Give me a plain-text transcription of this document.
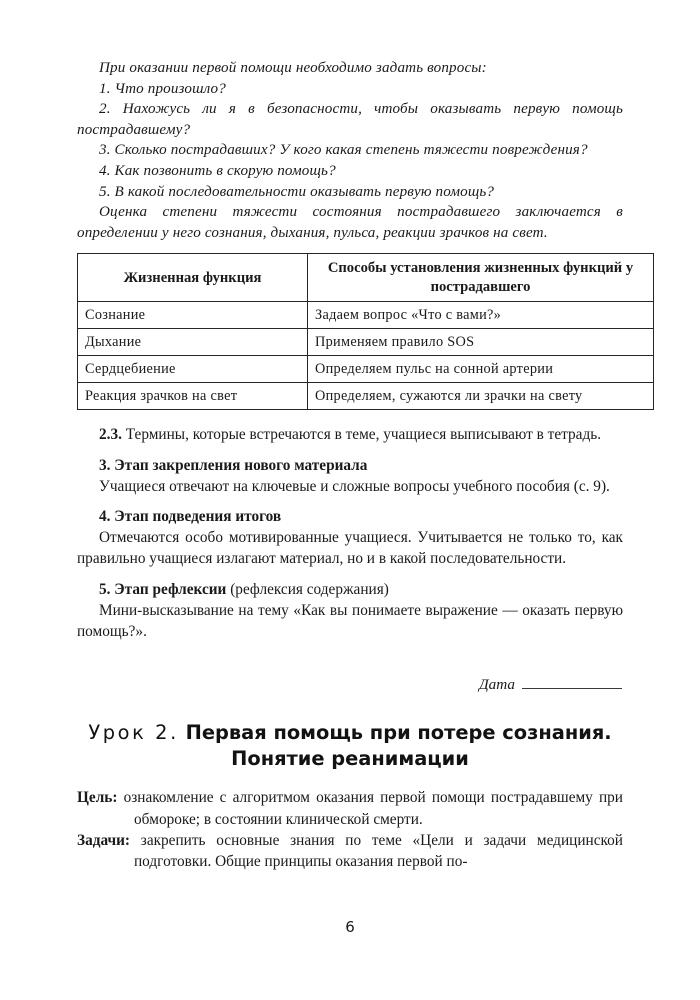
При оказании первой помощи необходимо задать вопросы:

1. Что произошло?

2. Нахожусь ли я в безопасности, чтобы оказывать первую помощь пострадавшему?

3. Сколько пострадавших? У кого какая степень тяжести повреждения?

4. Как позвонить в скорую помощь?

5. В какой последовательности оказывать первую помощь?

Оценка степени тяжести состояния пострадавшего заключается в определении у него сознания, дыхания, пульса, реакции зрачков на свет.

Жизненная функция	Способы установления жизненных функций у пострадавшего
Сознание	Задаем вопрос «Что с вами?»
Дыхание	Применяем правило SOS
Сердцебиение	Определяем пульс на сонной артерии
Реакция зрачков на свет	Определяем, сужаются ли зрачки на свету

2.3. Термины, которые встречаются в теме, учащиеся выписывают в тетрадь.

3. Этап закрепления нового материала

Учащиеся отвечают на ключевые и сложные вопросы учебного пособия (с. 9).

4. Этап подведения итогов

Отмечаются особо мотивированные учащиеся. Учитывается не только то, как правильно учащиеся излагают материал, но и в какой последовательности.

5. Этап рефлексии (рефлексия содержания)

Мини-высказывание на тему «Как вы понимаете выражение — оказать первую помощь?».

Дата
Урок 2. Первая помощь при потере сознания. Понятие реанимации

Цель: ознакомление с алгоритмом оказания первой помощи пострадавшему при обмороке; в состоянии клинической смерти.

Задачи: закрепить основные знания по теме «Цели и задачи медицинской подготовки. Общие принципы оказания первой по-

6
